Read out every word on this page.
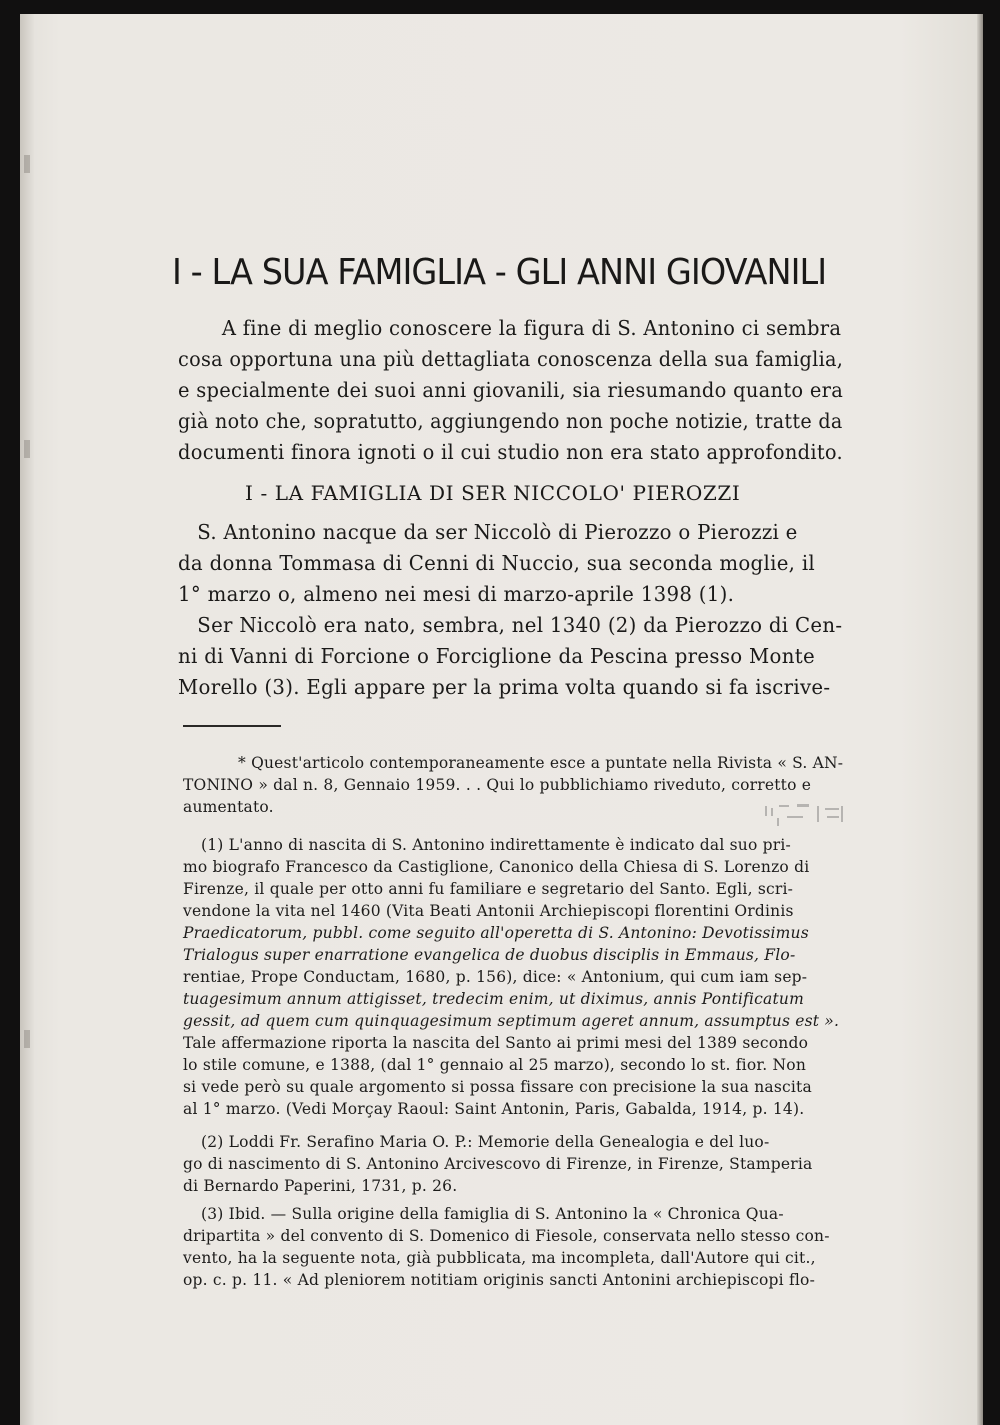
I - LA SUA FAMIGLIA - GLI ANNI GIOVANILI
A fine di meglio conoscere la figura di S. Antonino ci sembra
cosa opportuna una più dettagliata conoscenza della sua famiglia,
e specialmente dei suoi anni giovanili, sia riesumando quanto era
già noto che, sopratutto, aggiungendo non poche notizie, tratte da
documenti finora ignoti o il cui studio non era stato approfondito.
I - LA FAMIGLIA DI SER NICCOLO' PIEROZZI
S. Antonino nacque da ser Niccolò di Pierozzo o Pierozzi e
da donna Tommasa di Cenni di Nuccio, sua seconda moglie, il
1° marzo o, almeno nei mesi di marzo-aprile 1398 (1).
Ser Niccolò era nato, sembra, nel 1340 (2) da Pierozzo di Cen-
ni di Vanni di Forcione o Forciglione da Pescina presso Monte
Morello (3). Egli appare per la prima volta quando si fa iscrive-
* Quest'articolo contemporaneamente esce a puntate nella Rivista « S. AN-
TONINO » dal n. 8, Gennaio 1959. . . Qui lo pubblichiamo riveduto, corretto e
aumentato.
(1) L'anno di nascita di S. Antonino indirettamente è indicato dal suo pri-
mo biografo Francesco da Castiglione, Canonico della Chiesa di S. Lorenzo di
Firenze, il quale per otto anni fu familiare e segretario del Santo. Egli, scri-
vendone la vita nel 1460 (Vita Beati Antonii Archiepiscopi florentini Ordinis
Praedicatorum, pubbl. come seguito all'operetta di S. Antonino: Devotissimus
Trialogus super enarratione evangelica de duobus disciplis in Emmaus, Flo-
rentiae, Prope Conductam, 1680, p. 156), dice: « Antonium, qui cum iam sep-
tuagesimum annum attigisset, tredecim enim, ut diximus, annis Pontificatum
gessit, ad quem cum quinquagesimum septimum ageret annum, assumptus est ».
Tale affermazione riporta la nascita del Santo ai primi mesi del 1389 secondo
lo stile comune, e 1388, (dal 1° gennaio al 25 marzo), secondo lo st. fior. Non
si vede però su quale argomento si possa fissare con precisione la sua nascita
al 1° marzo. (Vedi Morçay Raoul: Saint Antonin, Paris, Gabalda, 1914, p. 14).
(2) Loddi Fr. Serafino Maria O. P.: Memorie della Genealogia e del luo-
go di nascimento di S. Antonino Arcivescovo di Firenze, in Firenze, Stamperia
di Bernardo Paperini, 1731, p. 26.
(3) Ibid. — Sulla origine della famiglia di S. Antonino la « Chronica Qua-
dripartita » del convento di S. Domenico di Fiesole, conservata nello stesso con-
vento, ha la seguente nota, già pubblicata, ma incompleta, dall'Autore qui cit.,
op. c. p. 11. « Ad pleniorem notitiam originis sancti Antonini archiepiscopi flo-
